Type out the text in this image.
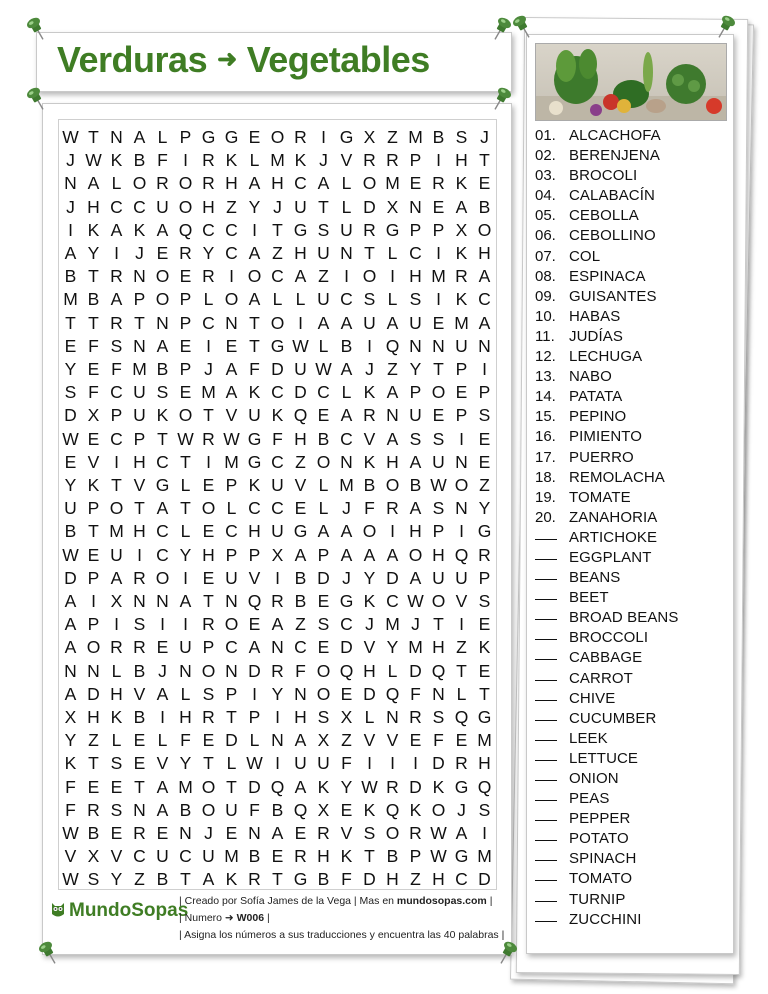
Verduras ➜ Vegetables
W T N A L P G G E O R I G X Z M B S J
J W K B F I R K L M K J V R R P I H T
N A L O R O R H A H C A L O M E R K E
J H C C U O H Z Y J U T L D X N E A B
I K A K A Q C C I T G S U R G P P X O
A Y I J E R Y C A Z H U N T L C I K H
B T R N O E R I O C A Z I O I H M R A
M B A P O P L O A L L U C S L S I K C
T T R T N P C N T O I A A U A U E M A
E F S N A E I E T G W L B I Q N N U N
Y E F M B P J A F D U W A J Z Y T P I
S F C U S E M A K C D C L K A P O E P
D X P U K O T V U K Q E A R N U E P S
W E C P T W R W G F H B C V A S S I E
E V I H C T I M G C Z O N K H A U N E
Y K T V G L E P K U V L M B O B W O Z
U P O T A T O L C C E L J F R A S N Y
B T M H C L E C H U G A A O I H P I G
W E U I C Y H P P X A P A A A O H Q R
D P A R O I E U V I B D J Y D A U U P
A I X N N A T N Q R B E G K C W O V S
A P I S I	I R O E A Z S C J M J T I E
A O R R E U P C A N C E D V Y M H Z K
N N L B J N O N D R F O Q H L D Q T E
A D H V A L S P I Y N O E D Q F N L T
X H K B I H R T P I H S X L N R S Q G
Y Z L E L F E D L N A X Z V V E F E M
K T S E V Y T L W I U U F I	I	I D R H
F E E T A M O T D Q A K Y W R D K G Q
F R S N A B O U F B Q X E K Q K O J S
W B E R E N J E N A E R V S O R W A I
V X V C U C U M B E R H K T B P W G M
W S Y Z B T A K R T G B F D H Z H C D
MundoSopas
| Creado por Sofía James de la Vega | Mas en mundosopas.com |
| Numero ➜ W006 |
| Asigna los números a sus traducciones y encuentra las 40 palabras |
01. ALCACHOFA
02. BERENJENA
03. BROCOLI
04. CALABACÍN
05. CEBOLLA
06. CEBOLLINO
07. COL
08. ESPINACA
09. GUISANTES
10. HABAS
11. JUDÍAS
12. LECHUGA
13. NABO
14. PATATA
15. PEPINO
16. PIMIENTO
17. PUERRO
18. REMOLACHA
19. TOMATE
20. ZANAHORIA
ARTICHOKE
EGGPLANT
BEANS
BEET
BROAD BEANS
BROCCOLI
CABBAGE
CARROT
CHIVE
CUCUMBER
LEEK
LETTUCE
ONION
PEAS
PEPPER
POTATO
SPINACH
TOMATO
TURNIP
ZUCCHINI
